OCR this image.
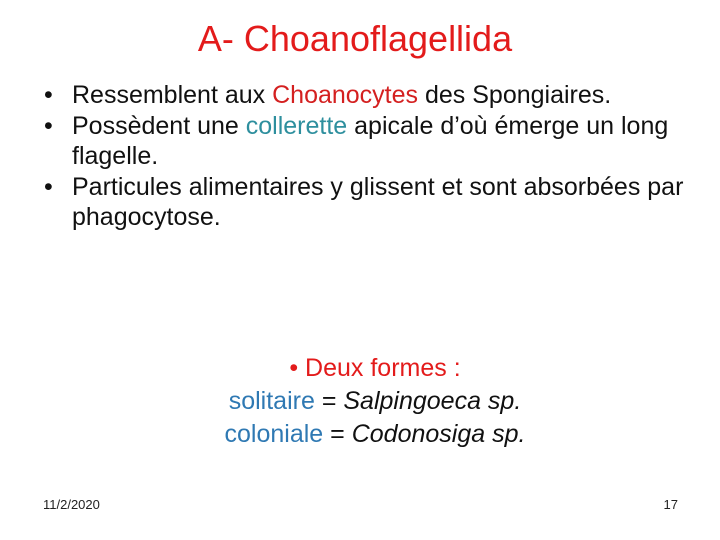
A- Choanoflagellida
• Ressemblent aux Choanocytes des Spongiaires.
• Possèdent une collerette apicale d’où émerge un long flagelle.
• Particules alimentaires y glissent et sont absorbées par phagocytose.
• Deux formes :
solitaire = Salpingoeca sp.
coloniale = Codonosiga sp.
11/2/2020	17
